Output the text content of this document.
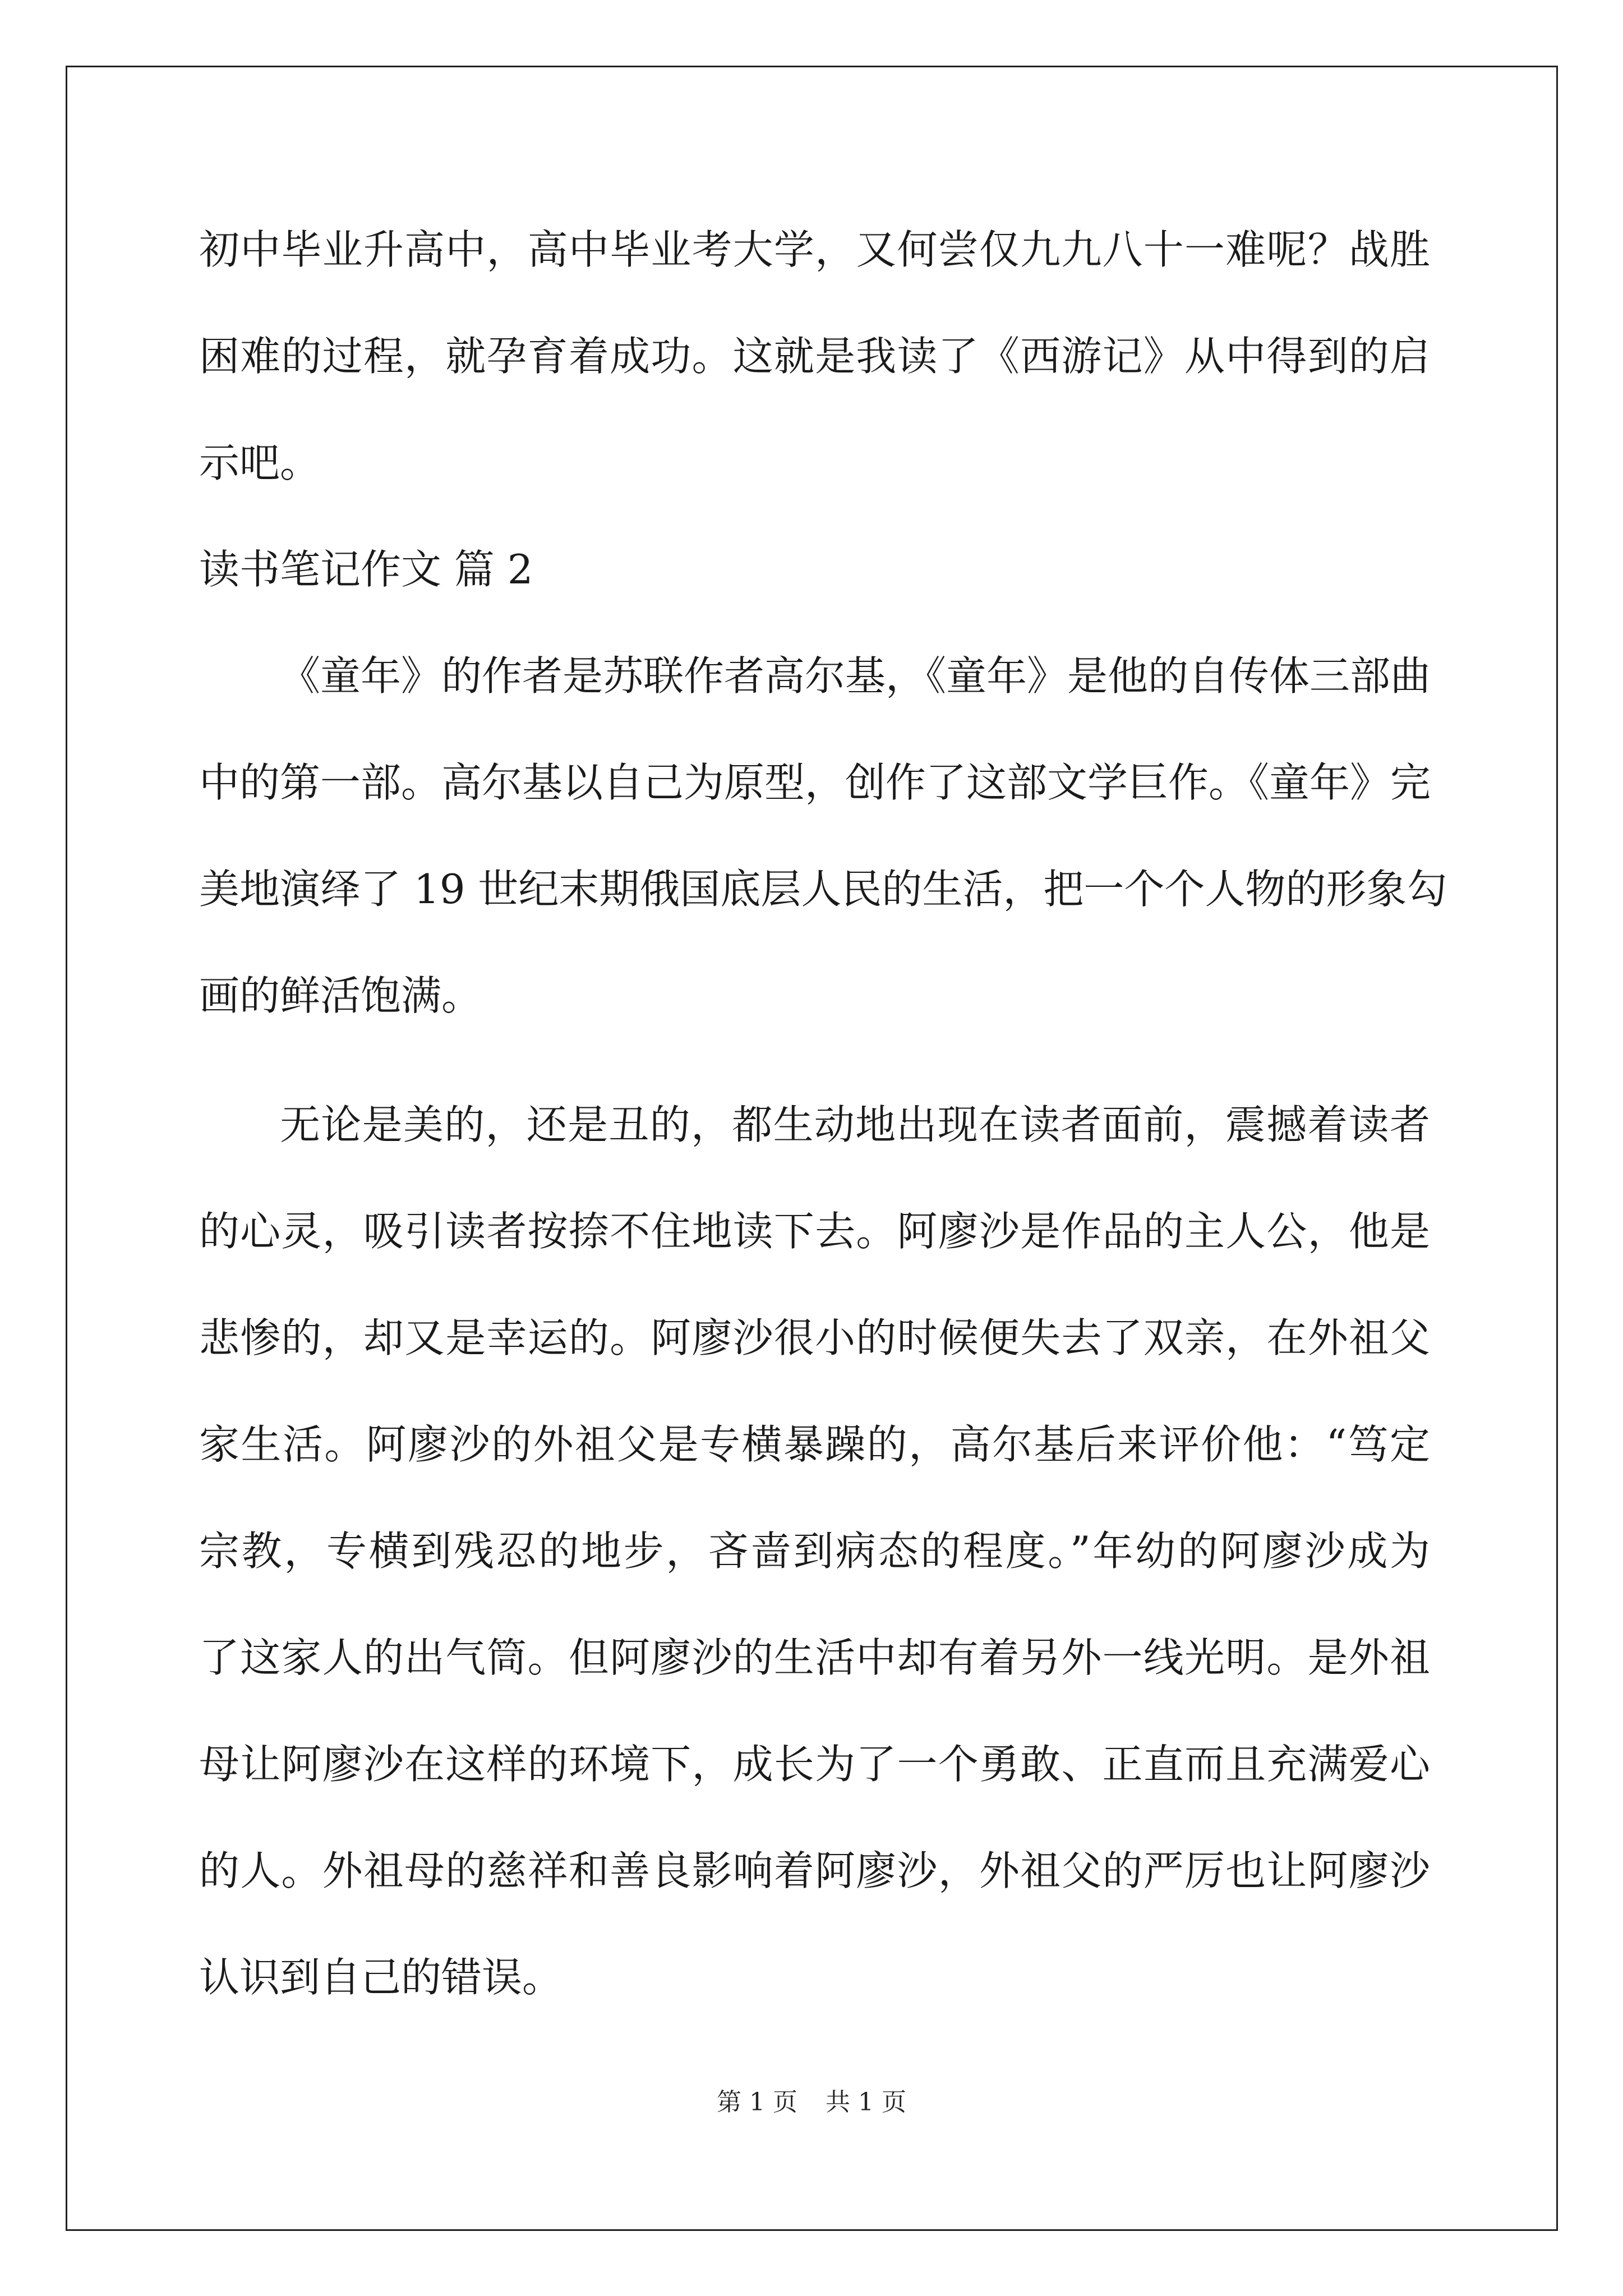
初中毕业升高中，高中毕业考大学，又何尝仅九九八十一难呢？战胜
困难的过程，就孕育着成功。这就是我读了《西游记》从中得到的启
示吧。
读书笔记作文 篇 2
《童年》的作者是苏联作者高尔基，《童年》是他的自传体三部曲
中的第一部。高尔基以自己为原型，创作了这部文学巨作。《童年》完
美地演绎了 19 世纪末期俄国底层人民的生活，把一个个人物的形象勾
画的鲜活饱满。
无论是美的，还是丑的，都生动地出现在读者面前，震撼着读者
的心灵，吸引读者按捺不住地读下去。阿廖沙是作品的主人公，他是
悲惨的，却又是幸运的。阿廖沙很小的时候便失去了双亲，在外祖父
家生活。阿廖沙的外祖父是专横暴躁的，高尔基后来评价他：“笃定
宗教，专横到残忍的地步，吝啬到病态的程度。”年幼的阿廖沙成为
了这家人的出气筒。但阿廖沙的生活中却有着另外一线光明。是外祖
母让阿廖沙在这样的环境下，成长为了一个勇敢、正直而且充满爱心
的人。外祖母的慈祥和善良影响着阿廖沙，外祖父的严厉也让阿廖沙
认识到自己的错误。
第 1 页 共 1 页
